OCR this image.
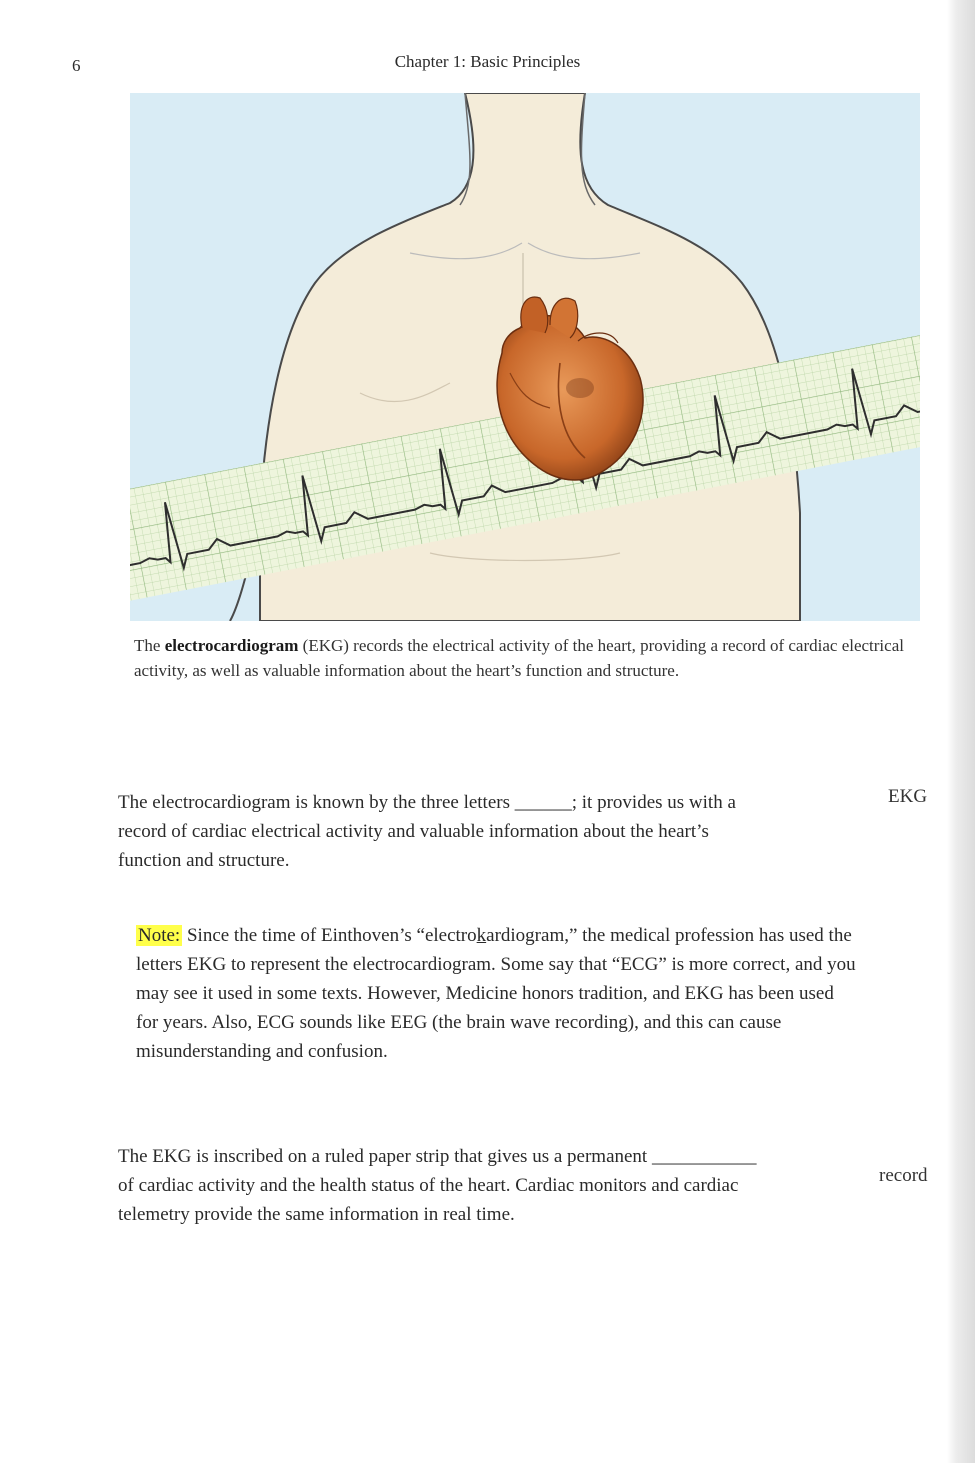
6	Chapter 1: Basic Principles
The electrocardiogram (EKG) records the electrical activity of the heart, providing a record of cardiac electrical activity, as well as valuable information about the heart’s function and structure.
The electrocardiogram is known by the three letters ______; it provides us with a record of cardiac electrical activity and valuable information about the heart’s function and structure.
EKG
Note: Since the time of Einthoven’s “electrokardiogram,” the medical profession has used the letters EKG to represent the electrocardiogram. Some say that “ECG” is more correct, and you may see it used in some texts. However, Medicine honors tradition, and EKG has been used for years. Also, ECG sounds like EEG (the brain wave recording), and this can cause misunderstanding and confusion.
The EKG is inscribed on a ruled paper strip that gives us a permanent ___________ of cardiac activity and the health status of the heart. Cardiac monitors and cardiac telemetry provide the same information in real time.
record
